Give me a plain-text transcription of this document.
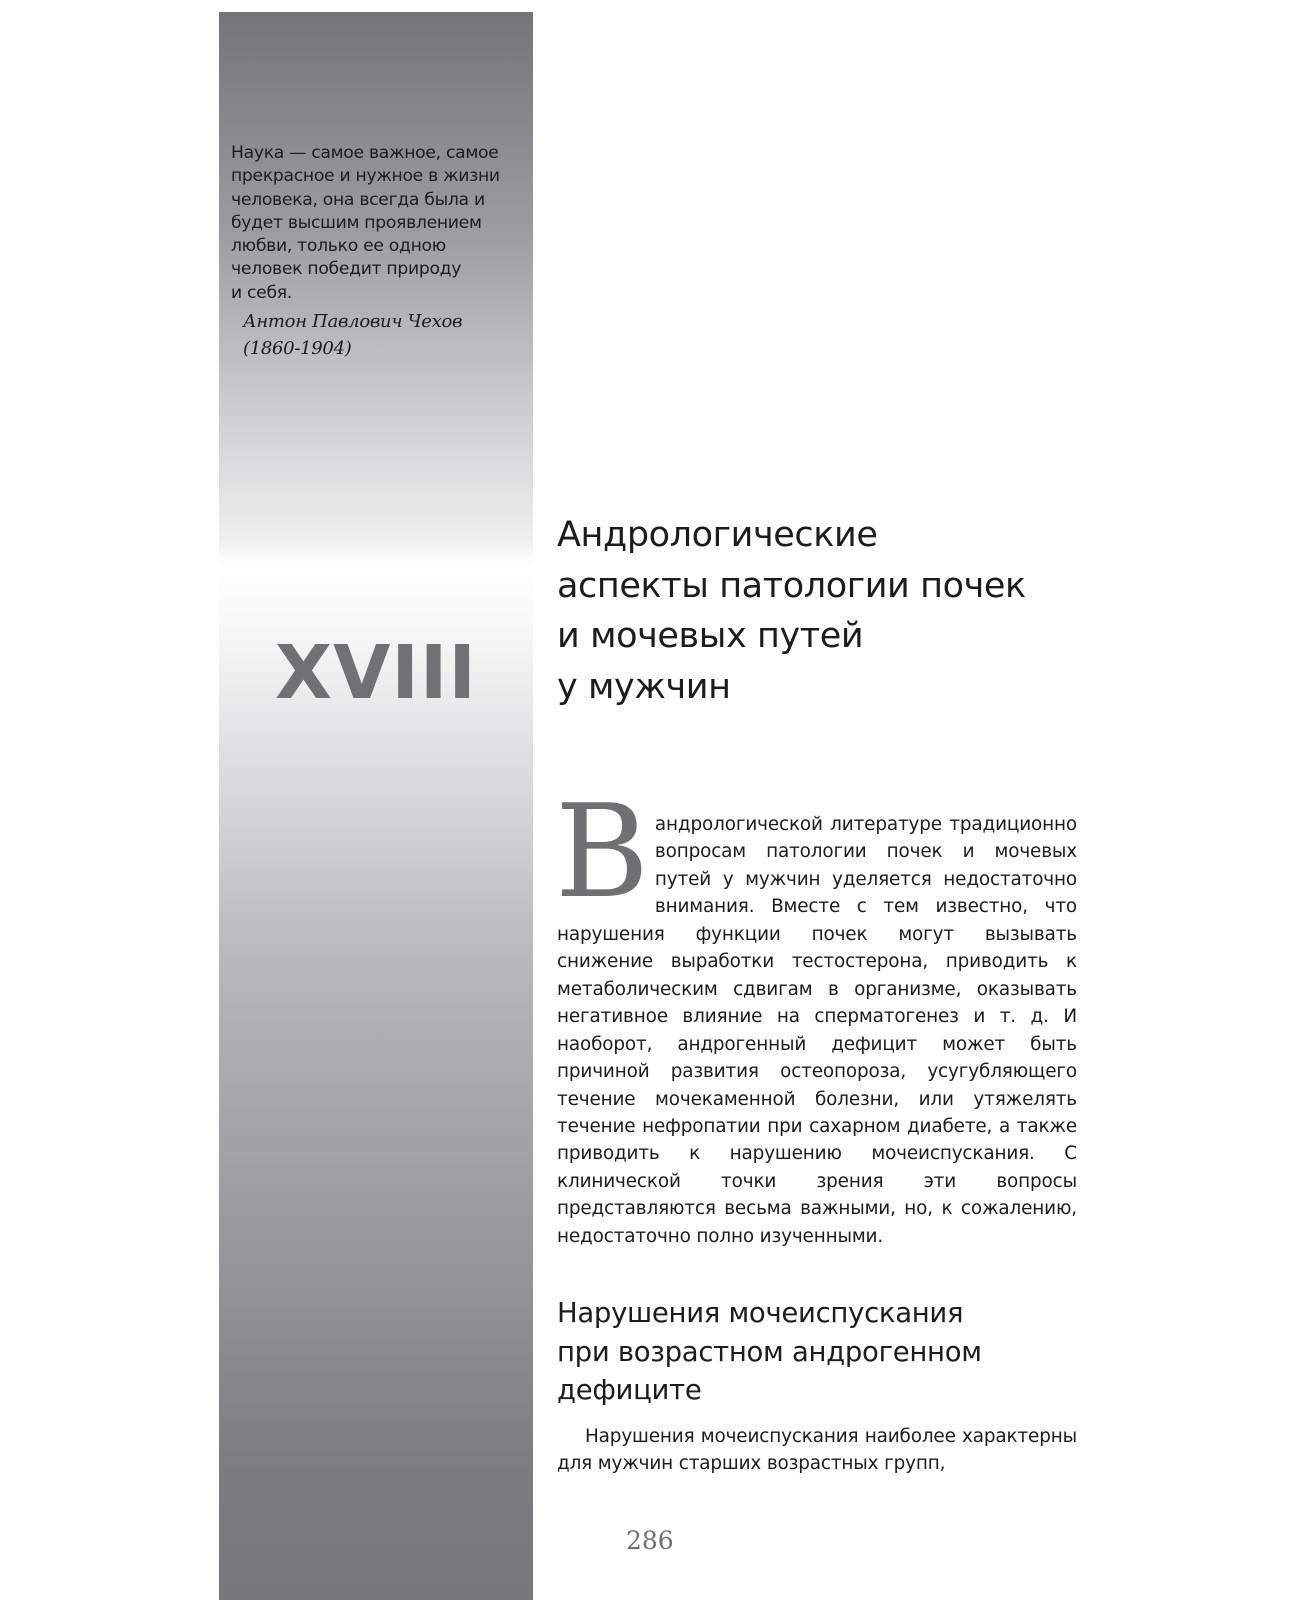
Наука — самое важное, самое
прекрасное и нужное в жизни
человека, она всегда была и
будет высшим проявлением
любви, только ее одною
человек победит природу
и себя.
Антон Павлович Чехов
(1860-1904)
XVIII
Андрологические
аспекты патологии почек
и мочевых путей
у мужчин
Вандрологической литературе традиционно вопросам патологии почек и мочевых путей у мужчин уделяется недостаточно внимания. Вместе с тем известно, что нарушения функции почек могут вызывать снижение выработки тестостерона, приводить к метаболическим сдвигам в организме, оказывать негативное влияние на сперматогенез и т. д. И наоборот, андрогенный дефицит может быть причиной развития остеопороза, усугубляющего течение мочекаменной болезни, или утяжелять течение нефропатии при сахарном диабете, а также приводить к нарушению мочеиспускания. С клинической точки зрения эти вопросы представляются весьма важными, но, к сожалению, недостаточно полно изученными.
Нарушения мочеиспускания
при возрастном андрогенном
дефиците
Нарушения мочеиспускания наиболее характерны для мужчин старших возрастных групп,
286
